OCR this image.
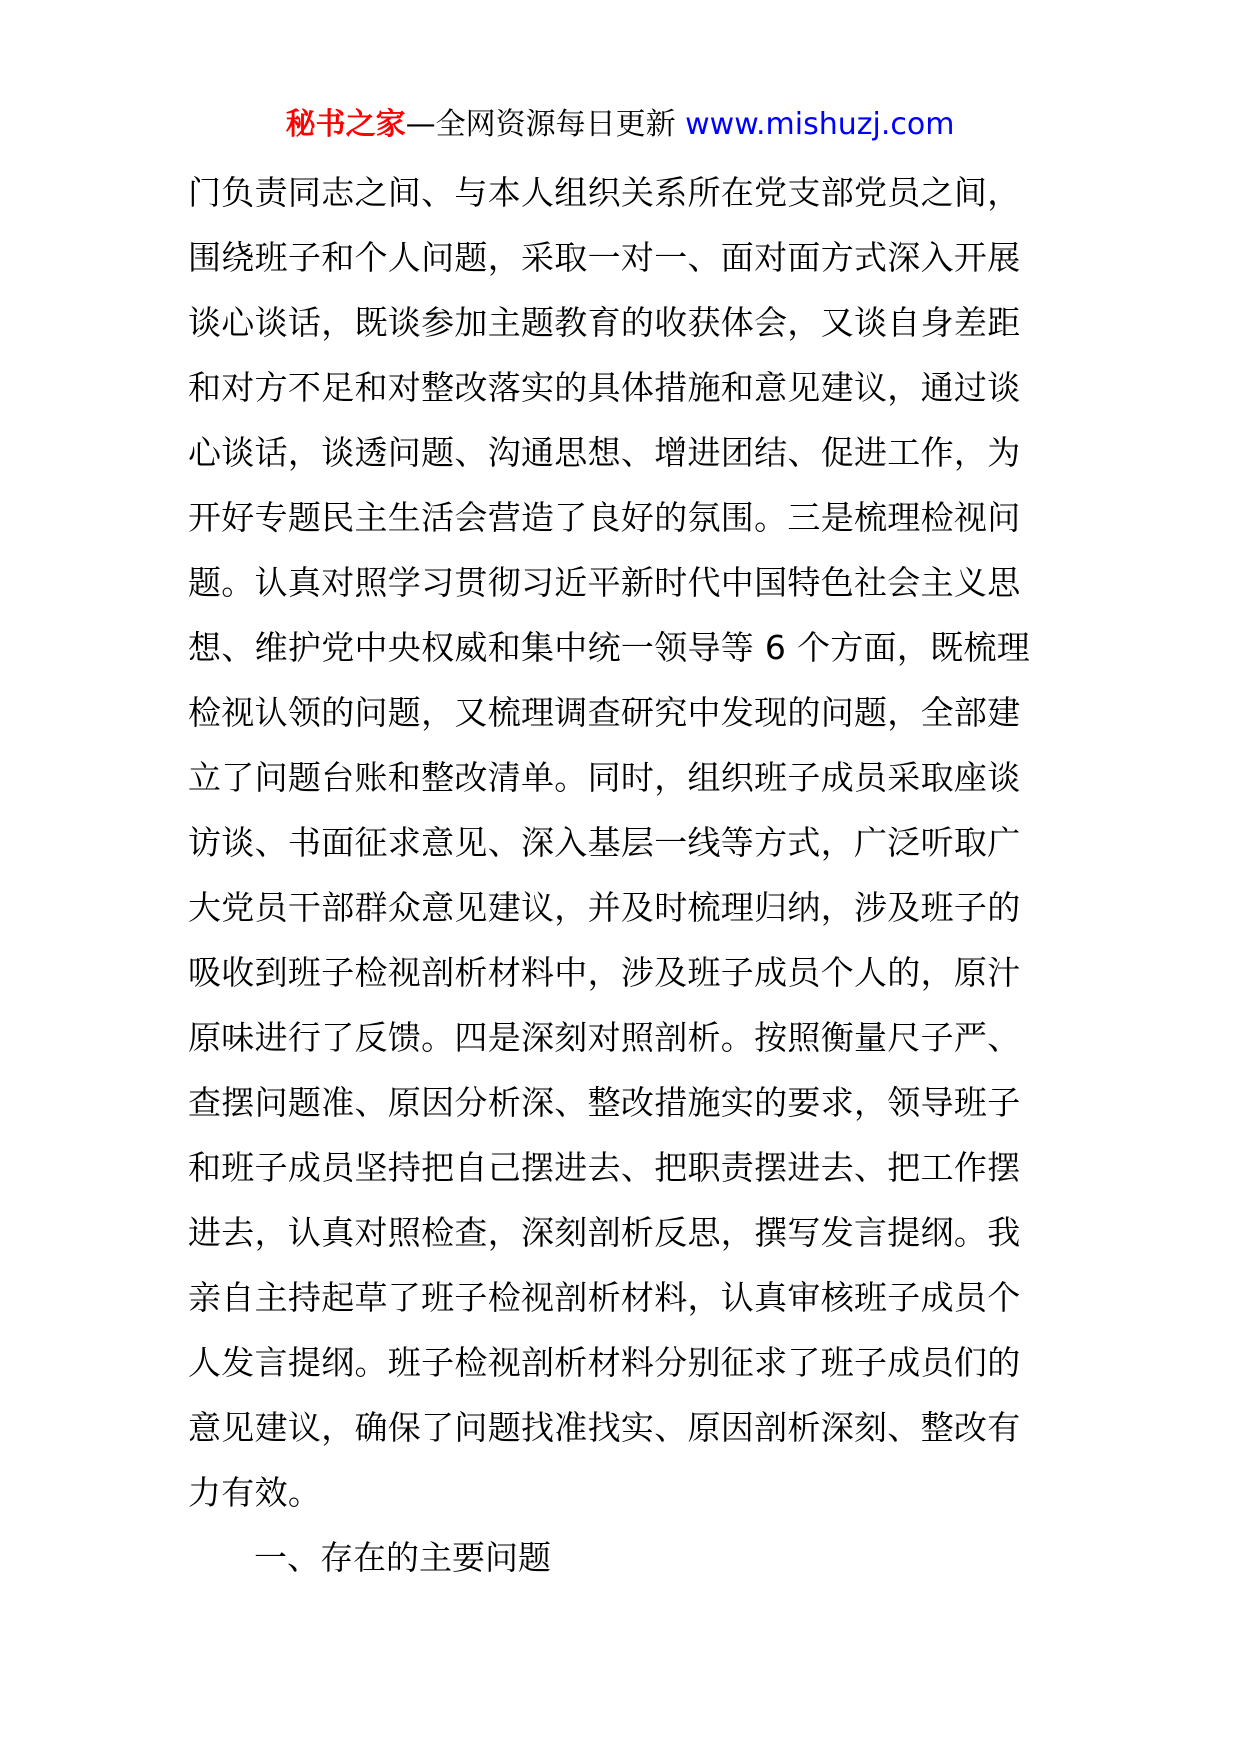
秘书之家—全网资源每日更新 www.mishuzj.com
门负责同志之间、与本人组织关系所在党支部党员之间，
围绕班子和个人问题，采取一对一、面对面方式深入开展
谈心谈话，既谈参加主题教育的收获体会，又谈自身差距
和对方不足和对整改落实的具体措施和意见建议，通过谈
心谈话，谈透问题、沟通思想、增进团结、促进工作，为
开好专题民主生活会营造了良好的氛围。三是梳理检视问
题。认真对照学习贯彻习近平新时代中国特色社会主义思
想、维护党中央权威和集中统一领导等 6 个方面，既梳理
检视认领的问题，又梳理调查研究中发现的问题，全部建
立了问题台账和整改清单。同时，组织班子成员采取座谈
访谈、书面征求意见、深入基层一线等方式，广泛听取广
大党员干部群众意见建议，并及时梳理归纳，涉及班子的
吸收到班子检视剖析材料中，涉及班子成员个人的，原汁
原味进行了反馈。四是深刻对照剖析。按照衡量尺子严、
查摆问题准、原因分析深、整改措施实的要求，领导班子
和班子成员坚持把自己摆进去、把职责摆进去、把工作摆
进去，认真对照检查，深刻剖析反思，撰写发言提纲。我
亲自主持起草了班子检视剖析材料，认真审核班子成员个
人发言提纲。班子检视剖析材料分别征求了班子成员们的
意见建议，确保了问题找准找实、原因剖析深刻、整改有
力有效。
一、存在的主要问题
